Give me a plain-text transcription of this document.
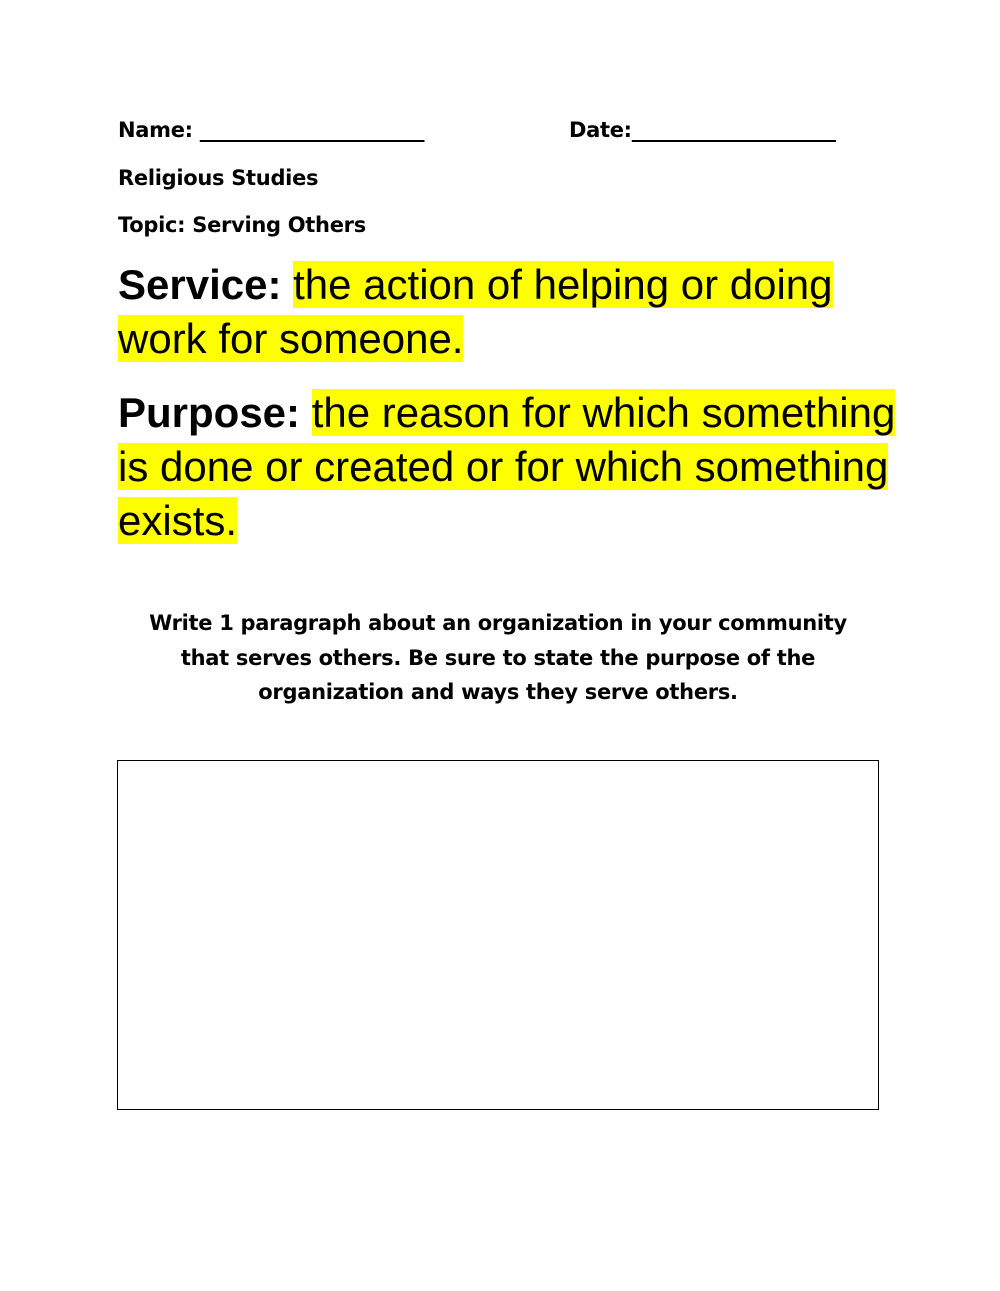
Name: ______________________	Date:____________________
Religious Studies
Topic: Serving Others
Service: the action of helping or doing work for someone.
Purpose: the reason for which something is done or created or for which something exists.
Write 1 paragraph about an organization in your community that serves others. Be sure to state the purpose of the organization and ways they serve others.
